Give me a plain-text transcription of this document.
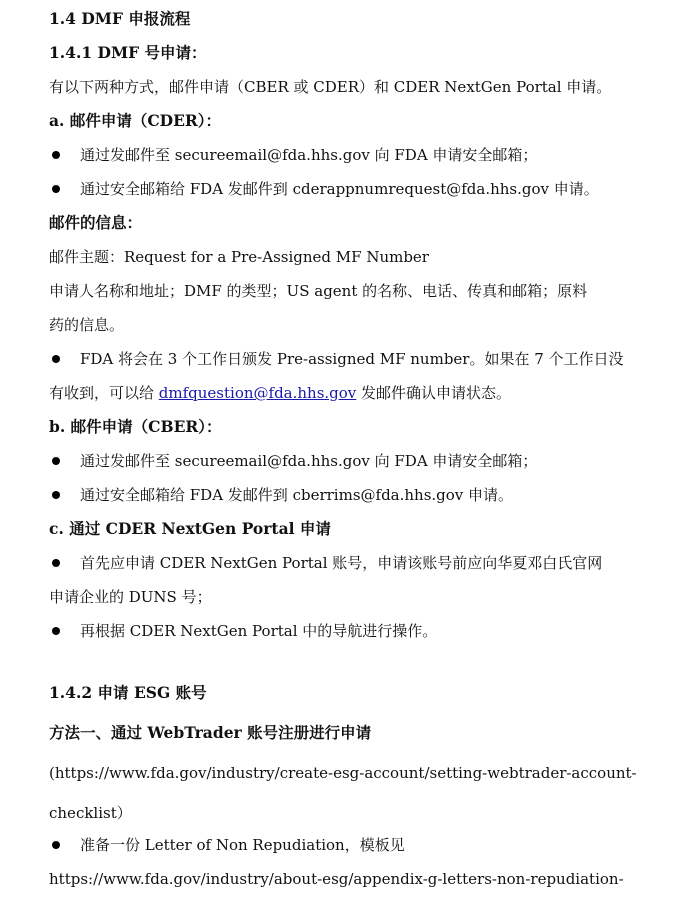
1.4 DMF 申报流程
1.4.1 DMF 号申请：
有以下两种方式，邮件申请（CBER 或 CDER）和 CDER NextGen Portal 申请。
a. 邮件申请（CDER）：
通过发邮件至 secureemail@fda.hhs.gov 向 FDA 申请安全邮箱；
通过安全邮箱给 FDA 发邮件到 cderappnumrequest@fda.hhs.gov 申请。
邮件的信息：
邮件主题：Request for a Pre-Assigned MF Number
申请人名称和地址；DMF 的类型；US agent 的名称、电话、传真和邮箱；原料
药的信息。
FDA 将会在 3 个工作日颁发 Pre-assigned MF number。如果在 7 个工作日没
有收到，可以给 dmfquestion@fda.hhs.gov 发邮件确认申请状态。
b. 邮件申请（CBER）：
通过发邮件至 secureemail@fda.hhs.gov 向 FDA 申请安全邮箱；
通过安全邮箱给 FDA 发邮件到 cberrims@fda.hhs.gov 申请。
c. 通过 CDER NextGen Portal 申请
首先应申请 CDER NextGen Portal 账号，申请该账号前应向华夏邓白氏官网
申请企业的 DUNS 号；
再根据 CDER NextGen Portal 中的导航进行操作。
1.4.2 申请 ESG 账号
方法一、通过 WebTrader 账号注册进行申请
(https://www.fda.gov/industry/create-esg-account/setting-webtrader-account-
checklist）
准备一份 Letter of Non Repudiation，模板见
https://www.fda.gov/industry/about-esg/appendix-g-letters-non-repudiation-
